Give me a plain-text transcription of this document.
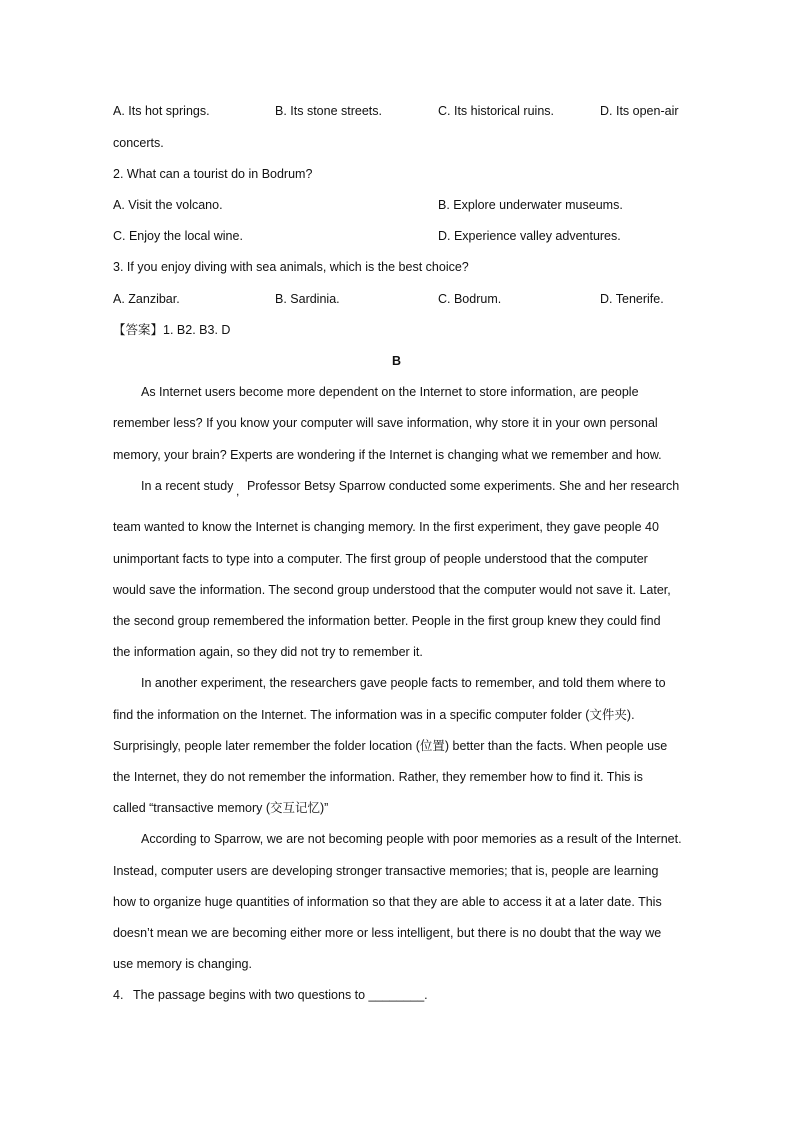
A. Its hot springs.	B. Its stone streets.	C. Its historical ruins.	D. Its open-air
concerts.
2. What can a tourist do in Bodrum?
A. Visit the volcano.	B. Explore underwater museums.
C. Enjoy the local wine.	D. Experience valley adventures.
3. If you enjoy diving with sea animals, which is the best choice?
A. Zanzibar.	B. Sardinia.	C. Bodrum.	D. Tenerife.
【答案】1. B2. B3. D
B
As Internet users become more dependent on the Internet to store information, are people
remember less? If you know your computer will save information, why store it in your own personal
memory, your brain? Experts are wondering if the Internet is changing what we remember and how.
In a recent study , Professor Betsy Sparrow conducted some experiments. She and her research
team wanted to know the Internet is changing memory. In the first experiment, they gave people 40
unimportant facts to type into a computer. The first group of people understood that the computer
would save the information. The second group understood that the computer would not save it. Later,
the second group remembered the information better. People in the first group knew they could find
the information again, so they did not try to remember it.
In another experiment, the researchers gave people facts to remember, and told them where to
find the information on the Internet. The information was in a specific computer folder (文件夹).
Surprisingly, people later remember the folder location (位置) better than the facts. When people use
the Internet, they do not remember the information. Rather, they remember how to find it. This is
called “transactive memory (交互记忆)”
According to Sparrow, we are not becoming people with poor memories as a result of the Internet.
Instead, computer users are developing stronger transactive memories; that is, people are learning
how to organize huge quantities of information so that they are able to access it at a later date. This
doesn’t mean we are becoming either more or less intelligent, but there is no doubt that the way we
use memory is changing.
4. The passage begins with two questions to ________.
